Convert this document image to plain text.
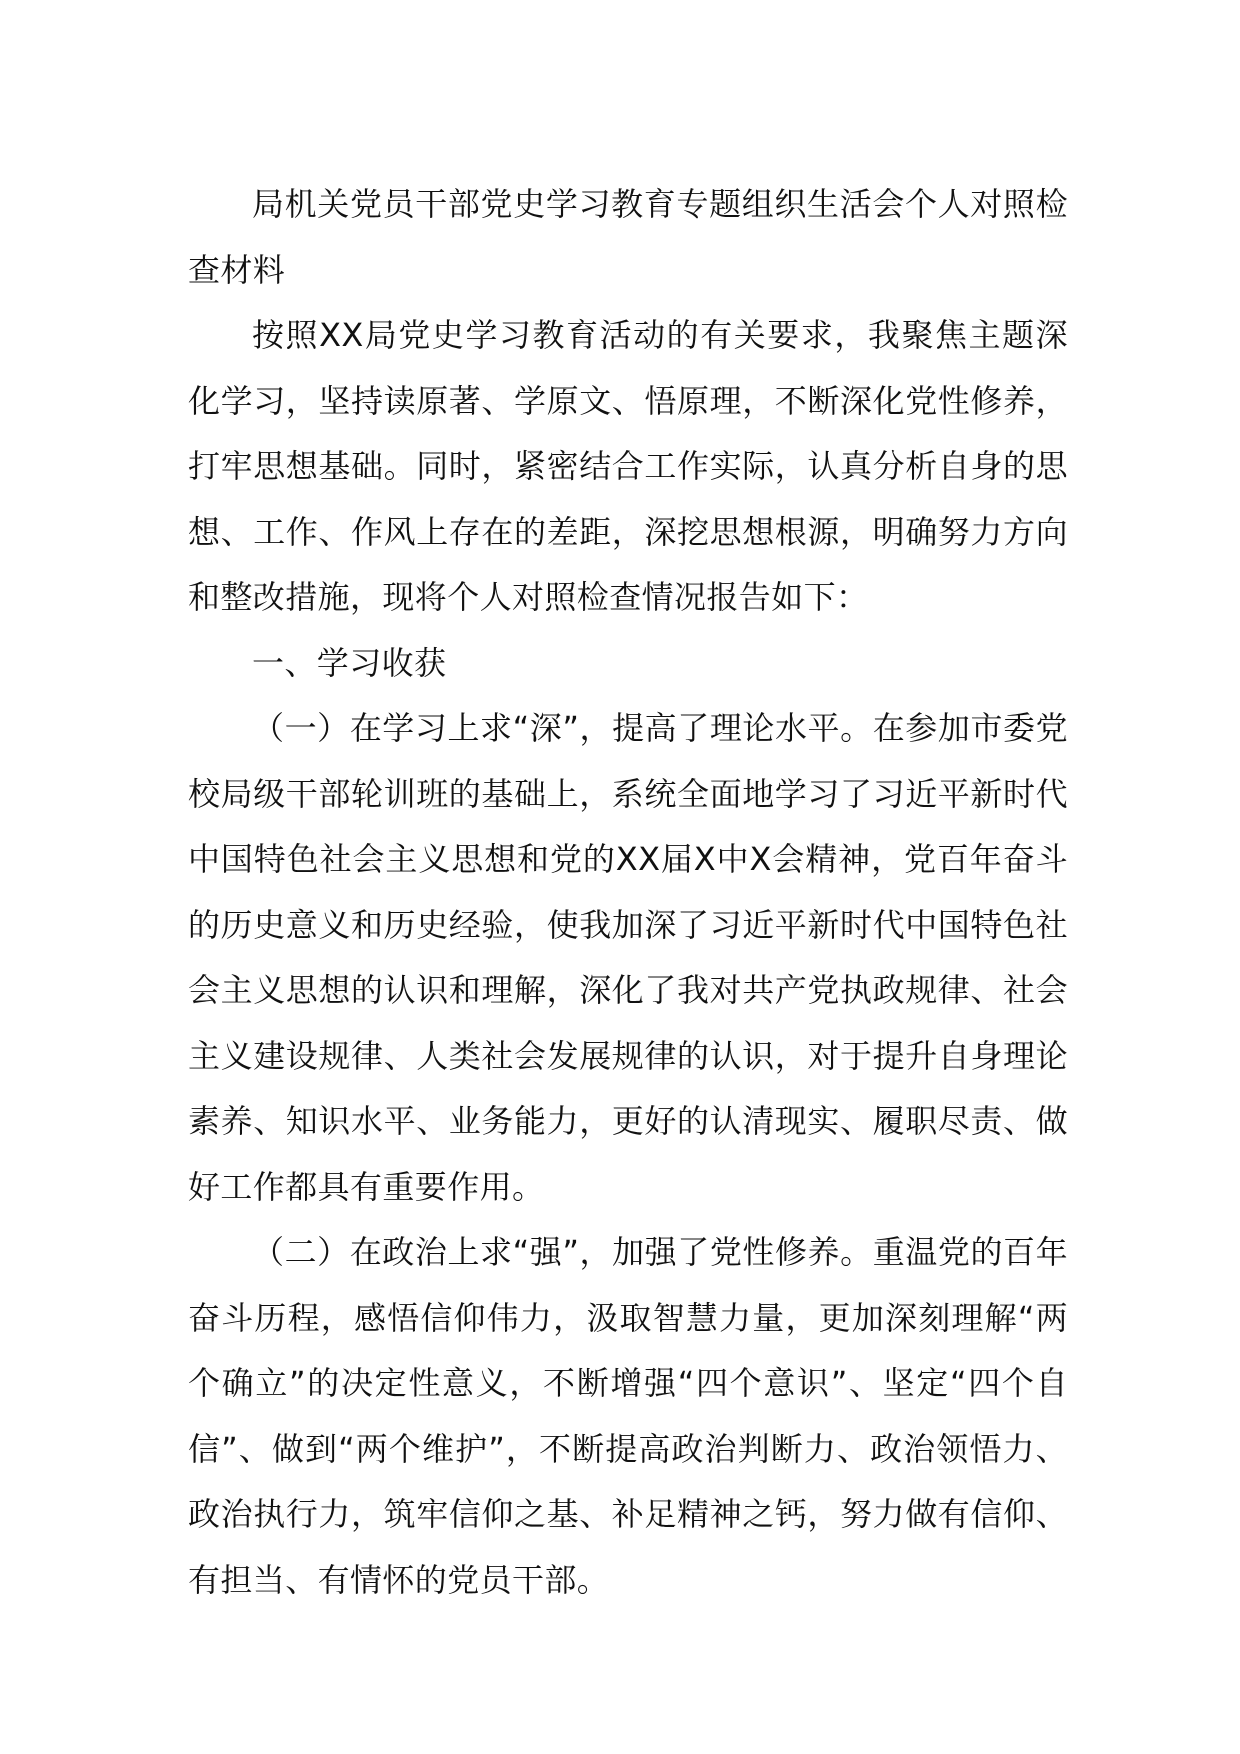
局机关党员干部党史学习教育专题组织生活会个人对照检查材料

按照XX局党史学习教育活动的有关要求，我聚焦主题深化学习，坚持读原著、学原文、悟原理，不断深化党性修养，打牢思想基础。同时，紧密结合工作实际，认真分析自身的思想、工作、作风上存在的差距，深挖思想根源，明确努力方向和整改措施，现将个人对照检查情况报告如下：

一、学习收获

（一）在学习上求“深”，提高了理论水平。在参加市委党校局级干部轮训班的基础上，系统全面地学习了习近平新时代中国特色社会主义思想和党的XX届X中X会精神，党百年奋斗的历史意义和历史经验，使我加深了习近平新时代中国特色社会主义思想的认识和理解，深化了我对共产党执政规律、社会主义建设规律、人类社会发展规律的认识，对于提升自身理论素养、知识水平、业务能力，更好的认清现实、履职尽责、做好工作都具有重要作用。

（二）在政治上求“强”，加强了党性修养。重温党的百年奋斗历程，感悟信仰伟力，汲取智慧力量，更加深刻理解“两个确立”的决定性意义，不断增强“四个意识”、坚定“四个自信”、做到“两个维护”，不断提高政治判断力、政治领悟力、政治执行力，筑牢信仰之基、补足精神之钙，努力做有信仰、有担当、有情怀的党员干部。
